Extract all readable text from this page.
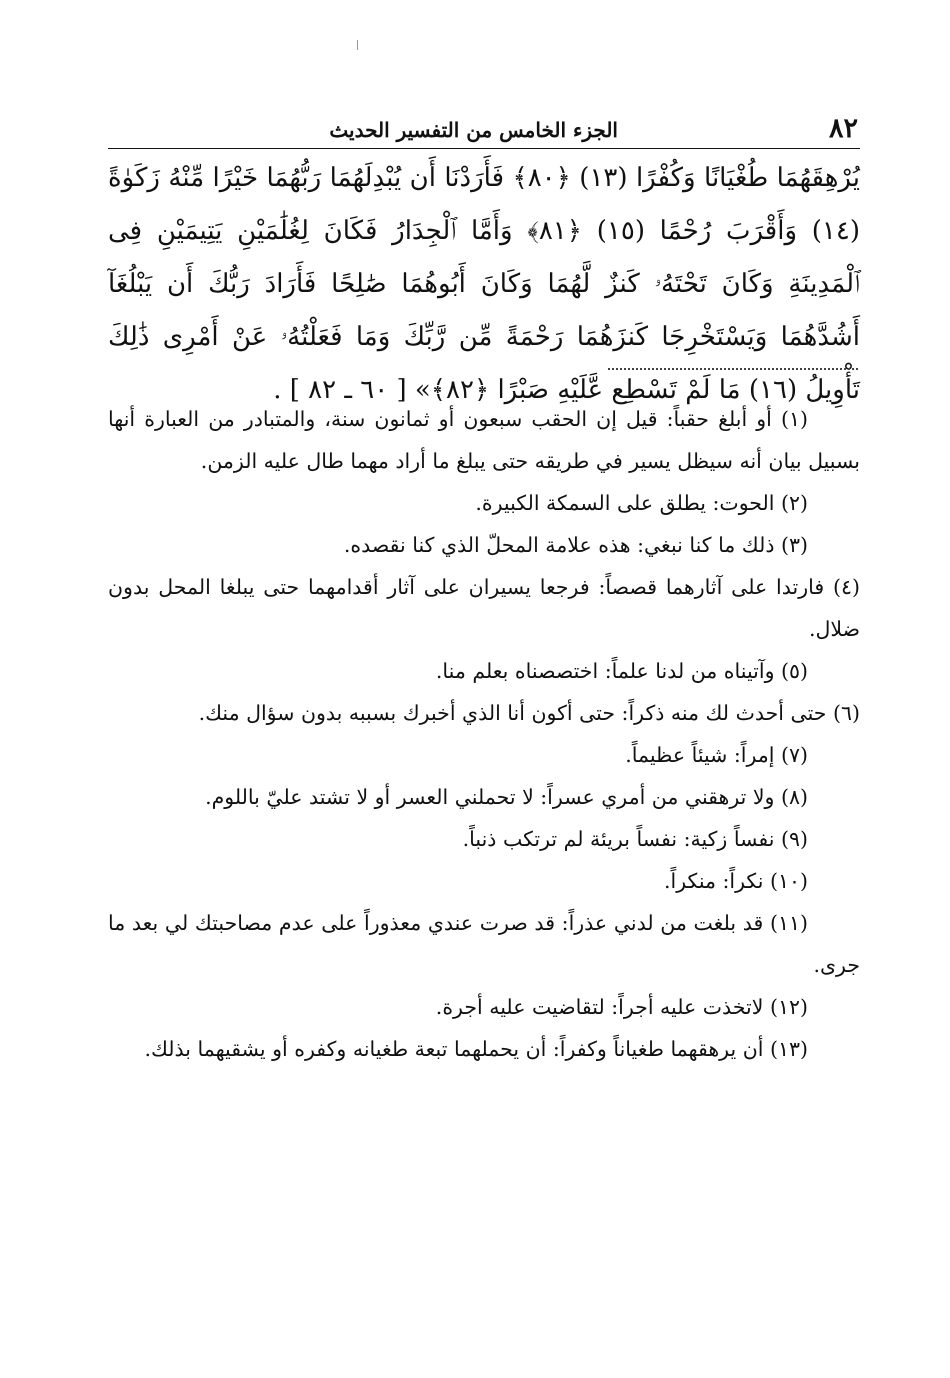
٨٢
الجزء الخامس من التفسير الحديث
يُرْهِقَهُمَا طُغْيَانًا وَكُفْرًا (١٣) ﴿٨٠﴾ فَأَرَدْنَا أَن يُبْدِلَهُمَا رَبُّهُمَا خَيْرًا مِّنْهُ زَكَوٰةً (١٤) وَأَقْرَبَ رُحْمًا (١٥) ﴿٨١﴾ وَأَمَّا ٱلْجِدَارُ فَكَانَ لِغُلَٰمَيْنِ يَتِيمَيْنِ فِى ٱلْمَدِينَةِ وَكَانَ تَحْتَهُۥ كَنزٌ لَّهُمَا وَكَانَ أَبُوهُمَا صَٰلِحًا فَأَرَادَ رَبُّكَ أَن يَبْلُغَآ أَشُدَّهُمَا وَيَسْتَخْرِجَا كَنزَهُمَا رَحْمَةً مِّن رَّبِّكَ وَمَا فَعَلْتُهُۥ عَنْ أَمْرِى ذَٰلِكَ تَأْوِيلُ (١٦) مَا لَمْ تَسْطِع عَّلَيْهِ صَبْرًا ﴿٨٢﴾» [ ٦٠ ـ ٨٢ ] .

(١) أو أبلغ حقباً: قيل إن الحقب سبعون أو ثمانون سنة، والمتبادر من العبارة أنها بسبيل بيان أنه سيظل يسير في طريقه حتى يبلغ ما أراد مهما طال عليه الزمن.

(٢) الحوت: يطلق على السمكة الكبيرة.

(٣) ذلك ما كنا نبغي: هذه علامة المحلّ الذي كنا نقصده.

(٤) فارتدا على آثارهما قصصاً: فرجعا يسيران على آثار أقدامهما حتى يبلغا المحل بدون ضلال.

(٥) وآتيناه من لدنا علماً: اختصصناه بعلم منا.

(٦) حتى أحدث لك منه ذكراً: حتى أكون أنا الذي أخبرك بسببه بدون سؤال منك.

(٧) إمراً: شيئاً عظيماً.

(٨) ولا ترهقني من أمري عسراً: لا تحملني العسر أو لا تشتد عليّ باللوم.

(٩) نفساً زكية: نفساً بريئة لم ترتكب ذنباً.

(١٠) نكراً: منكراً.

(١١) قد بلغت من لدني عذراً: قد صرت عندي معذوراً على عدم مصاحبتك لي بعد ما جرى.

(١٢) لاتخذت عليه أجراً: لتقاضيت عليه أجرة.

(١٣) أن يرهقهما طغياناً وكفراً: أن يحملهما تبعة طغيانه وكفره أو يشقيهما بذلك.
